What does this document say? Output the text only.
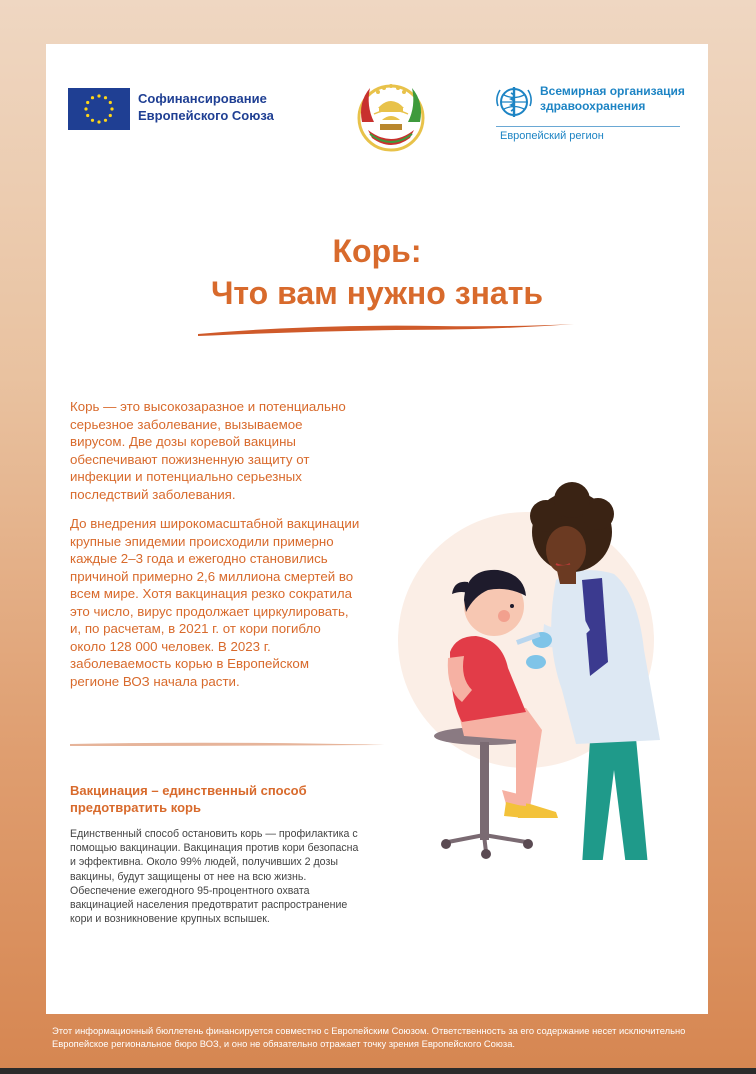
Софинансирование
Европейского Союза
Всемирная организация
здравоохранения
Европейский регион
Корь:
Что вам нужно знать

Корь — это высокозаразное и потенциально серьезное заболевание, вызываемое вирусом. Две дозы коревой вакцины обеспечивают пожизненную защиту от инфекции и потенциально серьезных последствий заболевания.

До внедрения широкомасштабной вакцинации крупные эпидемии происходили примерно каждые 2–3 года и ежегодно становились причиной примерно 2,6 миллиона смертей во всем мире. Хотя вакцинация резко сократила это число, вирус продолжает циркулировать, и, по расчетам, в 2021 г. от кори погибло около 128 000 человек. В 2023 г. заболеваемость корью в Европейском регионе ВОЗ начала расти.

Вакцинация – единственный способ предотвратить корь
Единственный способ остановить корь — профилактика с помощью вакцинации. Вакцинация против кори безопасна и эффективна. Около 99% людей, получивших 2 дозы вакцины, будут защищены от нее на всю жизнь. Обеспечение ежегодного 95-процентного охвата вакцинацией населения предотвратит распространение кори и возникновение крупных вспышек.
Этот информационный бюллетень финансируется совместно с Европейским Союзом. Ответственность за его содержание несет исключительно Европейское региональное бюро ВОЗ, и оно не обязательно отражает точку зрения Европейского Союза.
